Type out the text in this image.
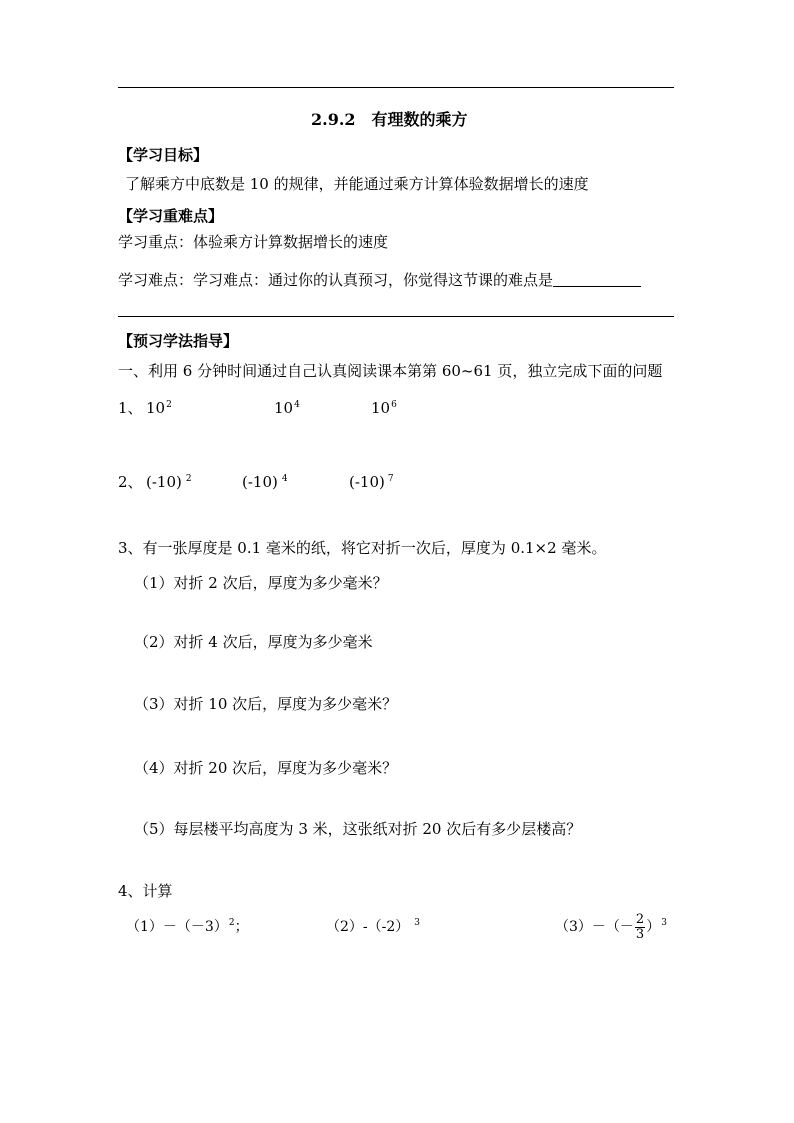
2.9.2　有理数的乘方
【学习目标】
了解乘方中底数是 10 的规律，并能通过乘方计算体验数据增长的速度
【学习重难点】
学习重点：体验乘方计算数据增长的速度
学习难点：学习难点：通过你的认真预习，你觉得这节课的难点是
【预习学法指导】
一、利用 6 分钟时间通过自己认真阅读课本第第 60~61 页，独立完成下面的问题
1、 $10^2$	$10^4$	$10^6$
2、 (-10) $^2$	(-10) $^4$	(-10) $^7$
3、有一张厚度是 0.1 毫米的纸，将它对折一次后，厚度为 0.1×2 毫米。
（1）对折 2 次后，厚度为多少毫米？
（2）对折 4 次后，厚度为多少毫米
（3）对折 10 次后，厚度为多少毫米？
（4）对折 20 次后，厚度为多少毫米？
（5）每层楼平均高度为 3 米，这张纸对折 20 次后有多少层楼高？
4、计算
$(1)-(-3)^2$；	（2）-（-2） $^3$	$(3)-(- \frac{2}{3} )^3$
